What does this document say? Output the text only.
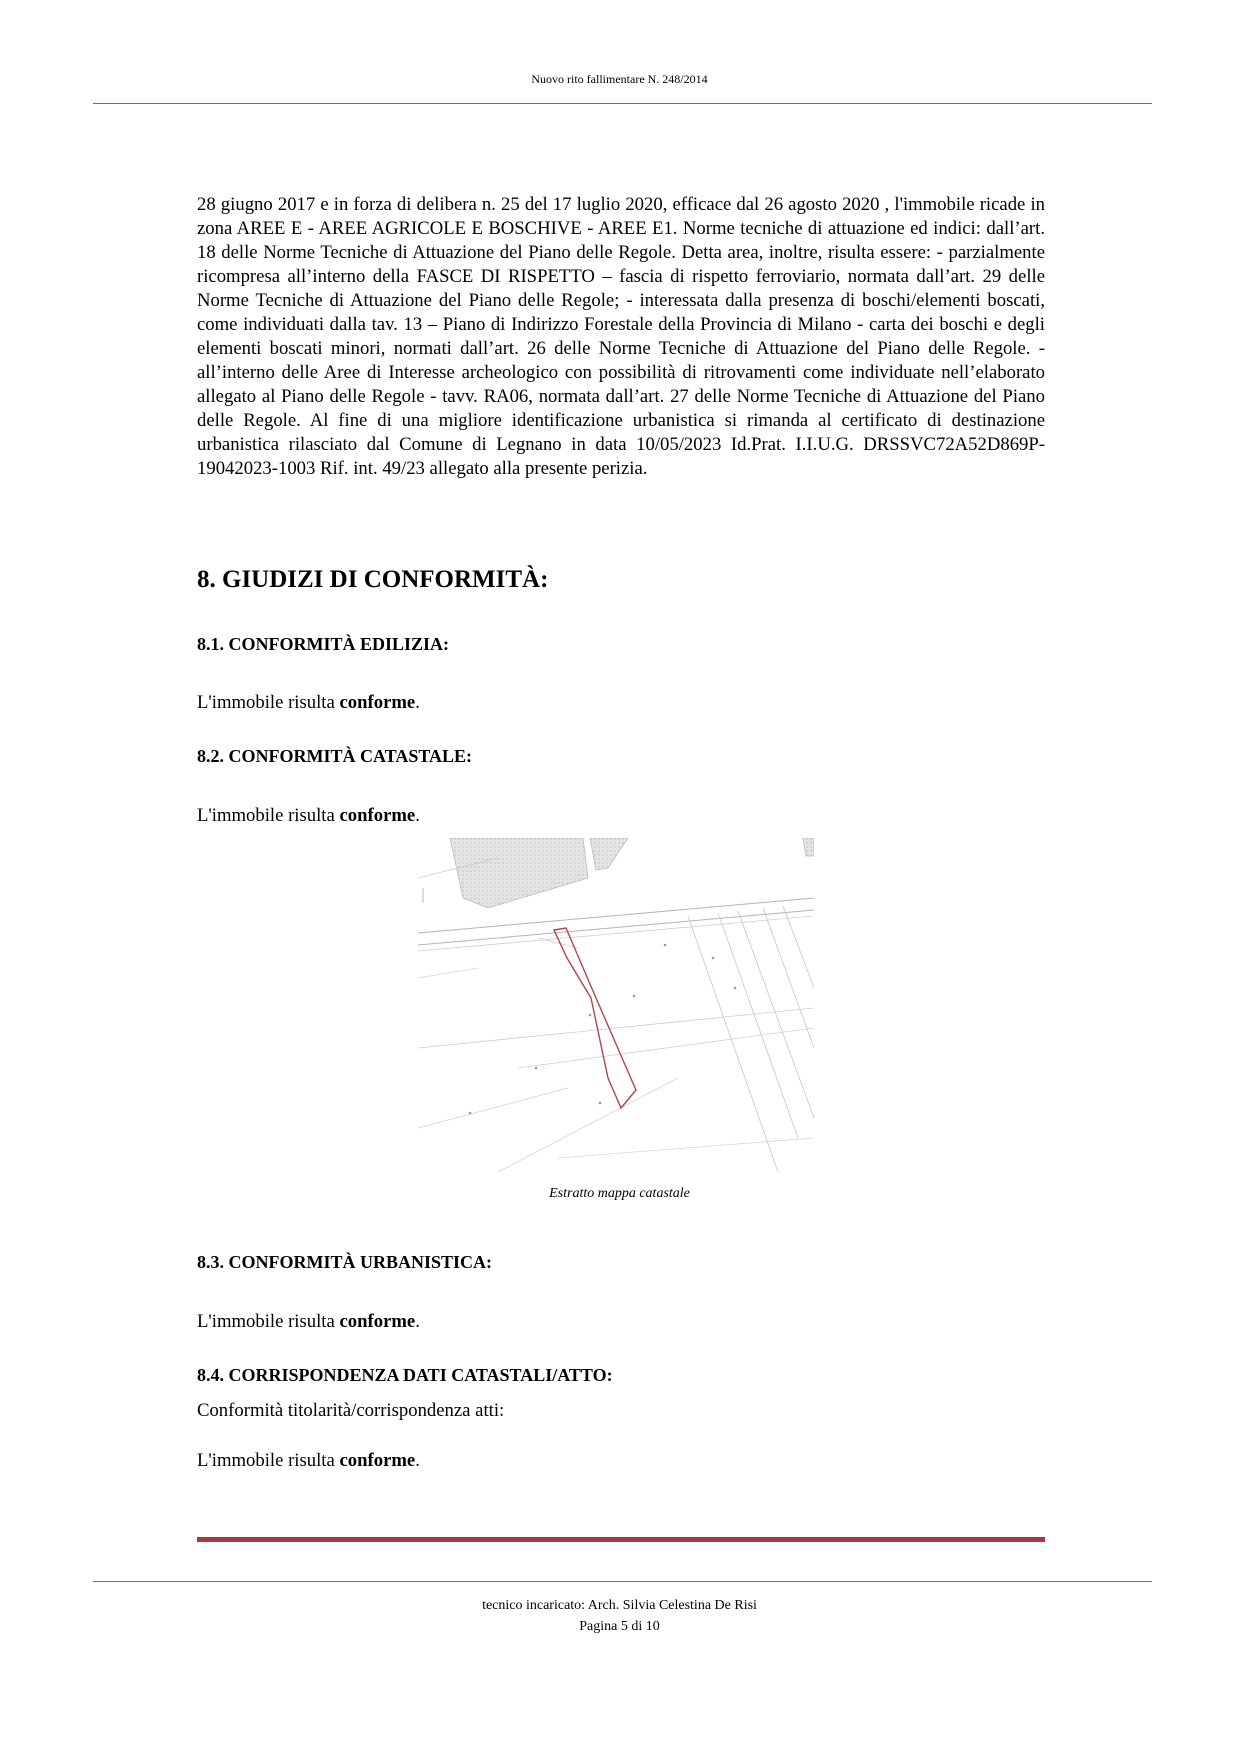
Nuovo rito fallimentare N. 248/2014

28 giugno 2017 e in forza di delibera n. 25 del 17 luglio 2020, efficace dal 26 agosto 2020 , l'immobile ricade in zona AREE E - AREE AGRICOLE E BOSCHIVE - AREE E1. Norme tecniche di attuazione ed indici: dall’art. 18 delle Norme Tecniche di Attuazione del Piano delle Regole. Detta area, inoltre, risulta essere: - parzialmente ricompresa all’interno della FASCE DI RISPETTO – fascia di rispetto ferroviario, normata dall’art. 29 delle Norme Tecniche di Attuazione del Piano delle Regole; - interessata dalla presenza di boschi/elementi boscati, come individuati dalla tav. 13 – Piano di Indirizzo Forestale della Provincia di Milano - carta dei boschi e degli elementi boscati minori, normati dall’art. 26 delle Norme Tecniche di Attuazione del Piano delle Regole. - all’interno delle Aree di Interesse archeologico con possibilità di ritrovamenti come individuate nell’elaborato allegato al Piano delle Regole - tavv. RA06, normata dall’art. 27 delle Norme Tecniche di Attuazione del Piano delle Regole. Al fine di una migliore identificazione urbanistica si rimanda al certificato di destinazione urbanistica rilasciato dal Comune di Legnano in data 10/05/2023 Id.Prat. I.I.U.G. DRSSVC72A52D869P-19042023-1003 Rif. int. 49/23 allegato alla presente perizia.

8. GIUDIZI DI CONFORMITÀ:
8.1. CONFORMITÀ EDILIZIA:

L'immobile risulta conforme.

8.2. CONFORMITÀ CATASTALE:

L'immobile risulta conforme.

Estratto mappa catastale
8.3. CONFORMITÀ URBANISTICA:

L'immobile risulta conforme.

8.4. CORRISPONDENZA DATI CATASTALI/ATTO:

Conformità titolarità/corrispondenza atti:

L'immobile risulta conforme.

tecnico incaricato: Arch. Silvia Celestina De Risi
Pagina 5 di 10
